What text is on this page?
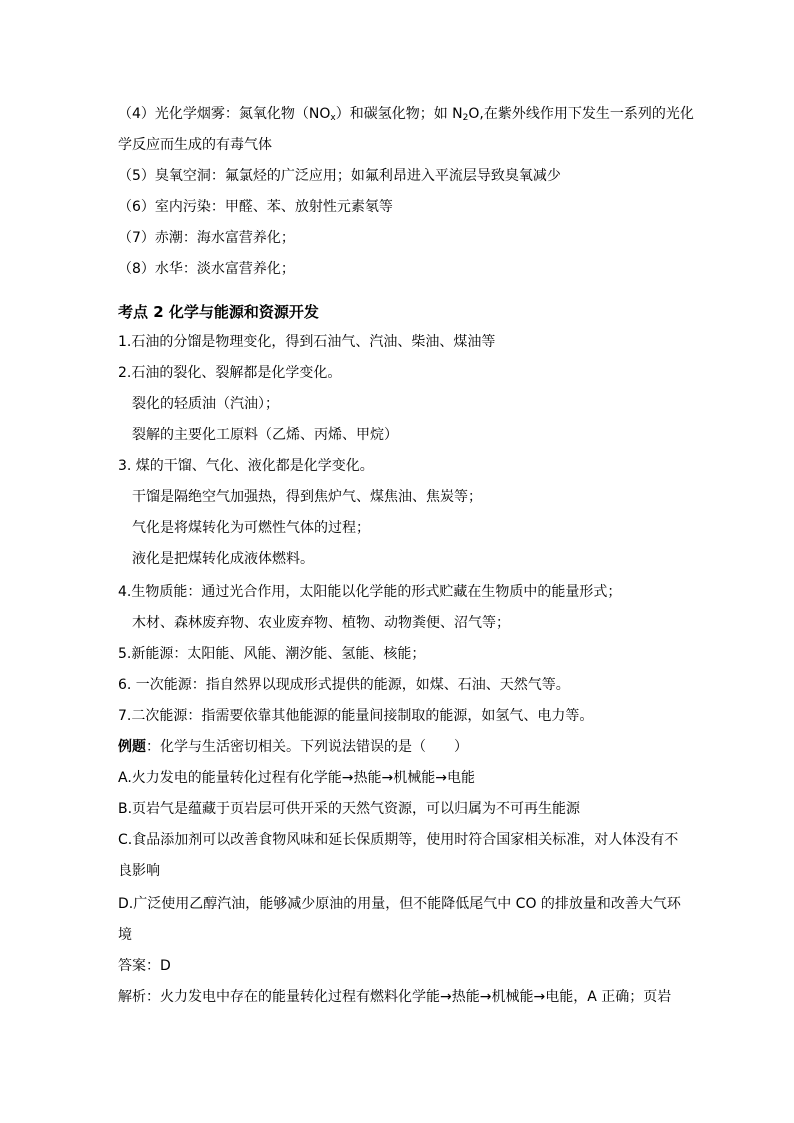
（4）光化学烟雾：氮氧化物$(NO_x)$和碳氢化物；如 $N_2O$,在紫外线作用下发生一系列的光化
学反应而生成的有毒气体
（5）臭氧空洞：氟氯烃的广泛应用；如氟利昂进入平流层导致臭氧减少
（6）室内污染：甲醛、苯、放射性元素氡等
（7）赤潮：海水富营养化；
（8）水华：淡水富营养化；
考点 2 化学与能源和资源开发
1.石油的分馏是物理变化，得到石油气、汽油、柴油、煤油等
2.石油的裂化、裂解都是化学变化。
裂化的轻质油（汽油）；
裂解的主要化工原料（乙烯、丙烯、甲烷）
3. 煤的干馏、气化、液化都是化学变化。
干馏是隔绝空气加强热，得到焦炉气、煤焦油、焦炭等；
气化是将煤转化为可燃性气体的过程；
液化是把煤转化成液体燃料。
4.生物质能：通过光合作用，太阳能以化学能的形式贮藏在生物质中的能量形式；
木材、森林废弃物、农业废弃物、植物、动物粪便、沼气等；
5.新能源：太阳能、风能、潮汐能、氢能、核能；
6. 一次能源：指自然界以现成形式提供的能源，如煤、石油、天然气等。
7.二次能源：指需要依靠其他能源的能量间接制取的能源，如氢气、电力等。
例题：化学与生活密切相关。下列说法错误的是（　　）
A.火力发电的能量转化过程有化学能→热能→机械能→电能
B.页岩气是蕴藏于页岩层可供开采的天然气资源，可以归属为不可再生能源
C.食品添加剂可以改善食物风味和延长保质期等，使用时符合国家相关标准，对人体没有不
良影响
D.广泛使用乙醇汽油，能够减少原油的用量，但不能降低尾气中 CO 的排放量和改善大气环
境
答案：D
解析：火力发电中存在的能量转化过程有燃料化学能→热能→机械能→电能，A 正确；页岩
